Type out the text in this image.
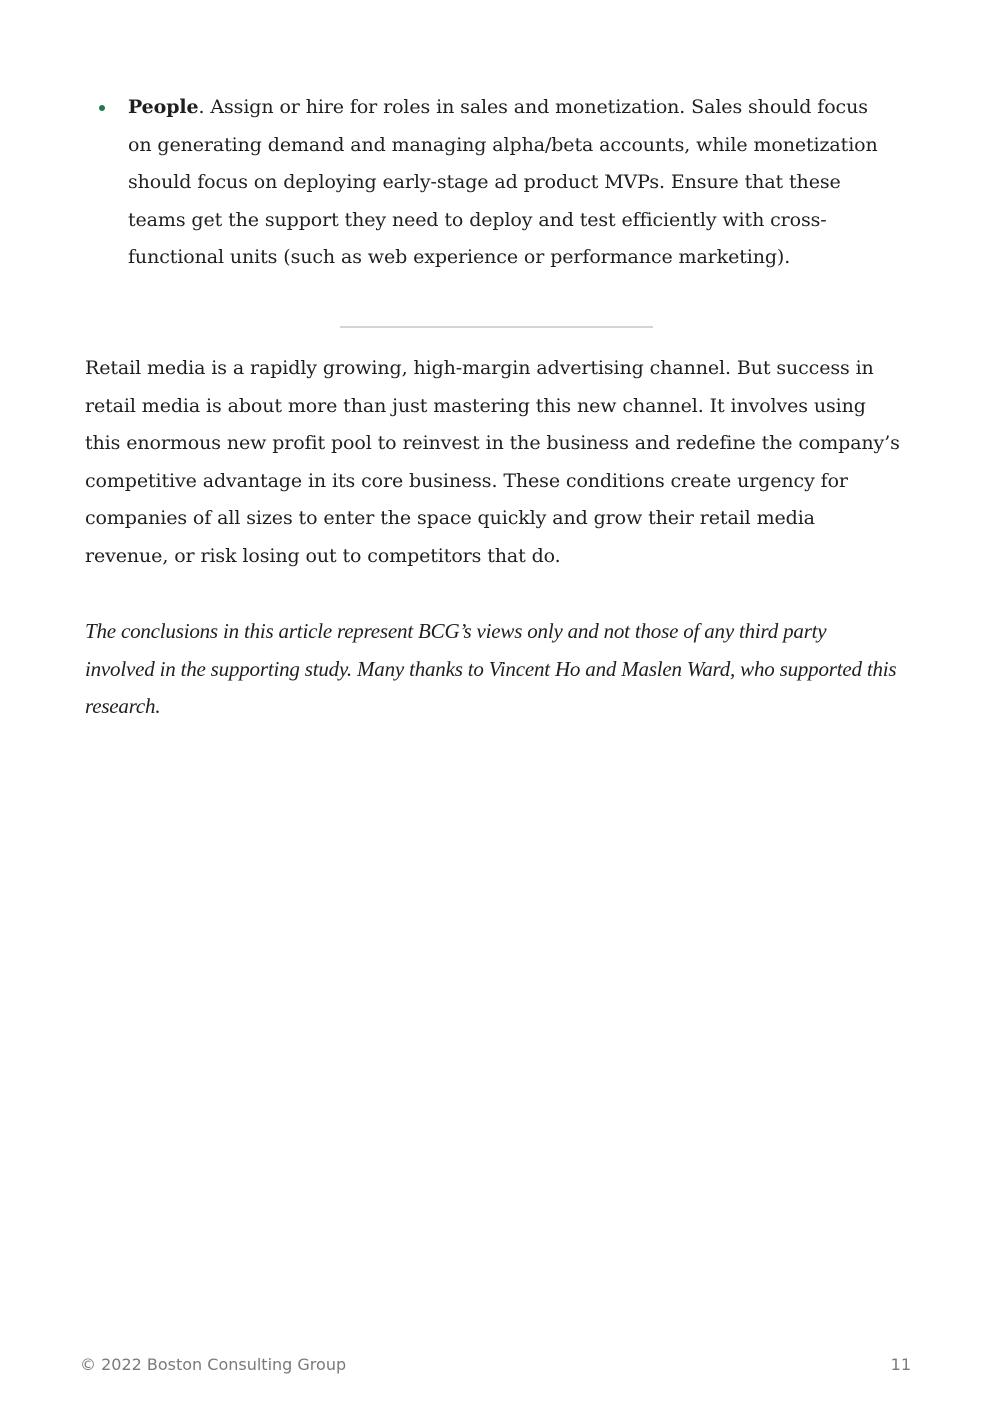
People. Assign or hire for roles in sales and monetization. Sales should focus on generating demand and managing alpha/beta accounts, while monetization should focus on deploying early-stage ad product MVPs. Ensure that these teams get the support they need to deploy and test efficiently with cross-functional units (such as web experience or performance marketing).

Retail media is a rapidly growing, high-margin advertising channel. But success in retail media is about more than just mastering this new channel. It involves using this enormous new profit pool to reinvest in the business and redefine the company’s competitive advantage in its core business. These conditions create urgency for companies of all sizes to enter the space quickly and grow their retail media revenue, or risk losing out to competitors that do.

The conclusions in this article represent BCG’s views only and not those of any third party involved in the supporting study. Many thanks to Vincent Ho and Maslen Ward, who supported this research.

© 2022 Boston Consulting Group	11
